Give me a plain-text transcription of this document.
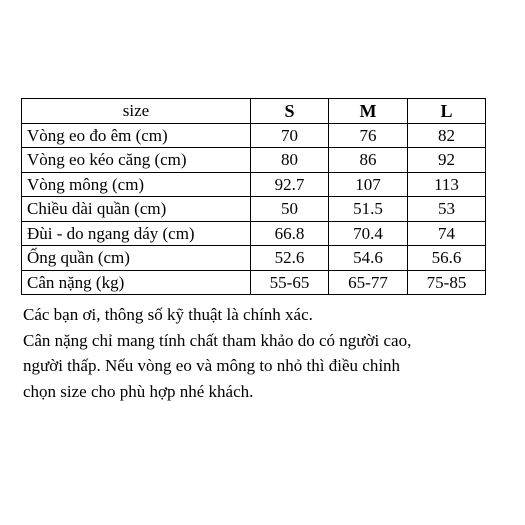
size	S	M	L
Vòng eo đo êm (cm)	70	76	82
Vòng eo kéo căng (cm)	80	86	92
Vòng mông (cm)	92.7	107	113
Chiều dài quần (cm)	50	51.5	53
Đùi - do ngang dáy (cm)	66.8	70.4	74
Ống quần (cm)	52.6	54.6	56.6
Cân nặng (kg)	55-65	65-77	75-85

Các bạn ơi, thông số kỹ thuật là chính xác.

Cân nặng chỉ mang tính chất tham khảo do có người cao,

người thấp. Nếu vòng eo và mông to nhỏ thì điều chỉnh

chọn size cho phù hợp nhé khách.
